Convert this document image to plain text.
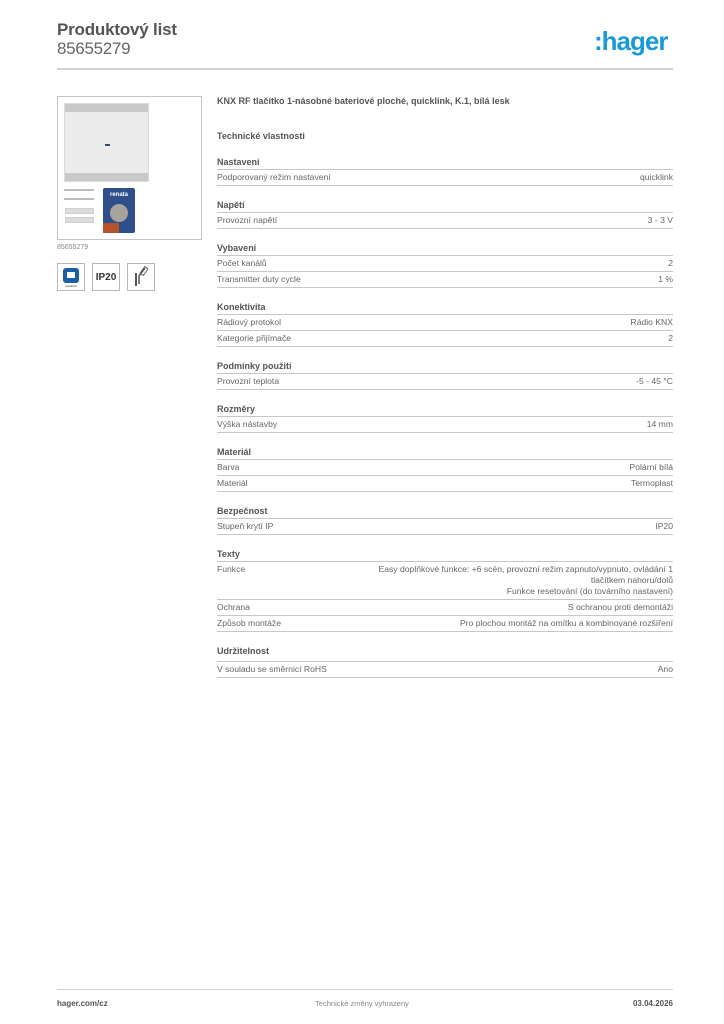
Produktový list
85655279	:hager
renata
85655279
quicklink
IP20
KNX RF tlačítko 1-násobné bateriové ploché, quicklink, K.1, bílá lesk
Technické vlastnosti
Nastavení
Podporovaný režim nastavení	quicklink
Napětí
Provozní napětí	3 - 3 V
Vybavení
Počet kanálů	2
Transmitter duty cycle	1 %
Konektivita
Rádiový protokol	Rádio KNX
Kategorie přijímače	2
Podmínky použití
Provozní teplota	-5 - 45 °C
Rozměry
Výška nástavby	14 mm
Materiál
Barva	Polární bílá
Materiál	Termoplast
Bezpečnost
Stupeň krytí IP	IP20
Texty
Funkce	Easy doplňkové funkce: +6 scén, provozní režim zapnuto/vypnuto, ovládání 1 tlačítkem nahoru/dolů
Funkce resetování (do továrního nastavení)
Ochrana	S ochranou proti demontáži
Způsob montáže	Pro plochou montáž na omítku a kombinované rozšíření
Udržitelnost
V souladu se směrnicí RoHS	Ano
hager.com/cz	Technické změny vyhrazeny	03.04.2026
